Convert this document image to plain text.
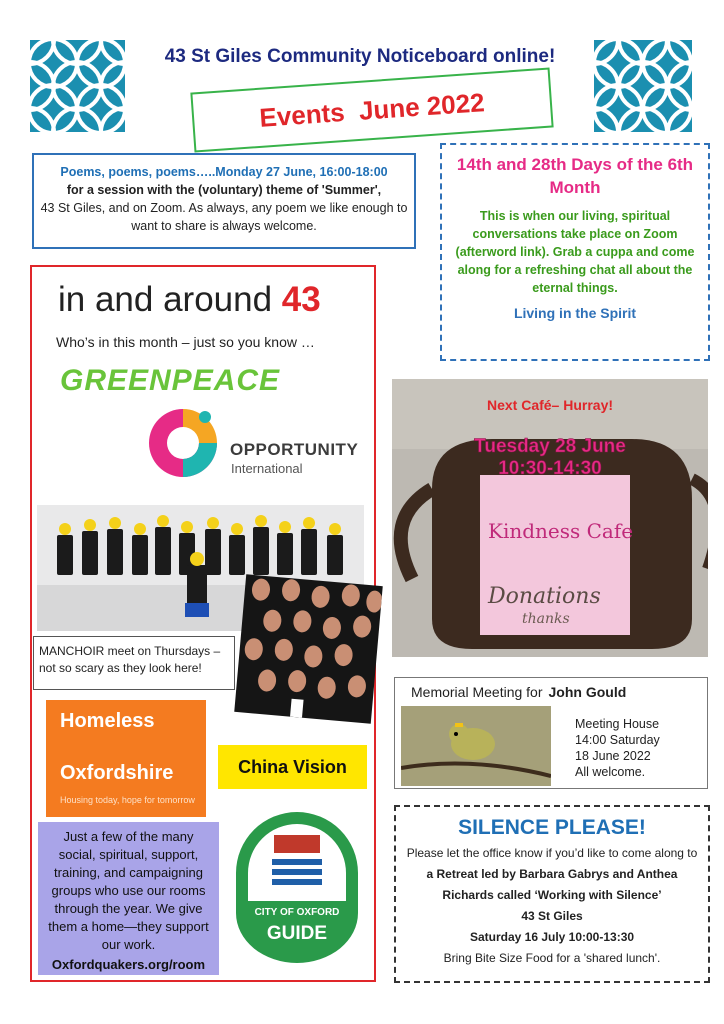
43 St Giles Community Noticeboard online!
Events  June 2022
Poems, poems, poems…..Monday 27 June, 16:00-18:00
for a session with the (voluntary) theme of 'Summer',
43 St Giles, and on Zoom. As always, any poem we like enough to want to share is always welcome.
14th and 28th Days of the 6th Month
This is when our living, spiritual conversations take place on Zoom (afterword link). Grab a cuppa and come along for a refreshing chat all about the eternal things.
Living in the Spirit
in and around 43
Who’s in this month – just so you know …
GREENPEACE
OPPORTUNITY
International
MANCHOIR meet on Thursdays – not so scary as they look here!
Homeless
Oxfordshire
Housing today, hope for tomorrow
China Vision
Just a few of the many social, spiritual, support, training, and campaigning groups who use our rooms through the year. We give them a home—they support our work.
Oxfordquakers.org/room
CITY OF OXFORD
GUIDE
Kindness Cafe
Donations
thanks
Next Café– Hurray!
Tuesday 28 June
10:30-14:30
Memorial Meeting for John Gould
Meeting House
14:00 Saturday
18 June 2022
All welcome.
SILENCE PLEASE!
Please let the office know if you’d like to come along to a Retreat led by Barbara Gabrys and Anthea Richards called ‘Working with Silence’
43 St Giles
Saturday 16 July 10:00-13:30
Bring Bite Size Food for a 'shared lunch'.
